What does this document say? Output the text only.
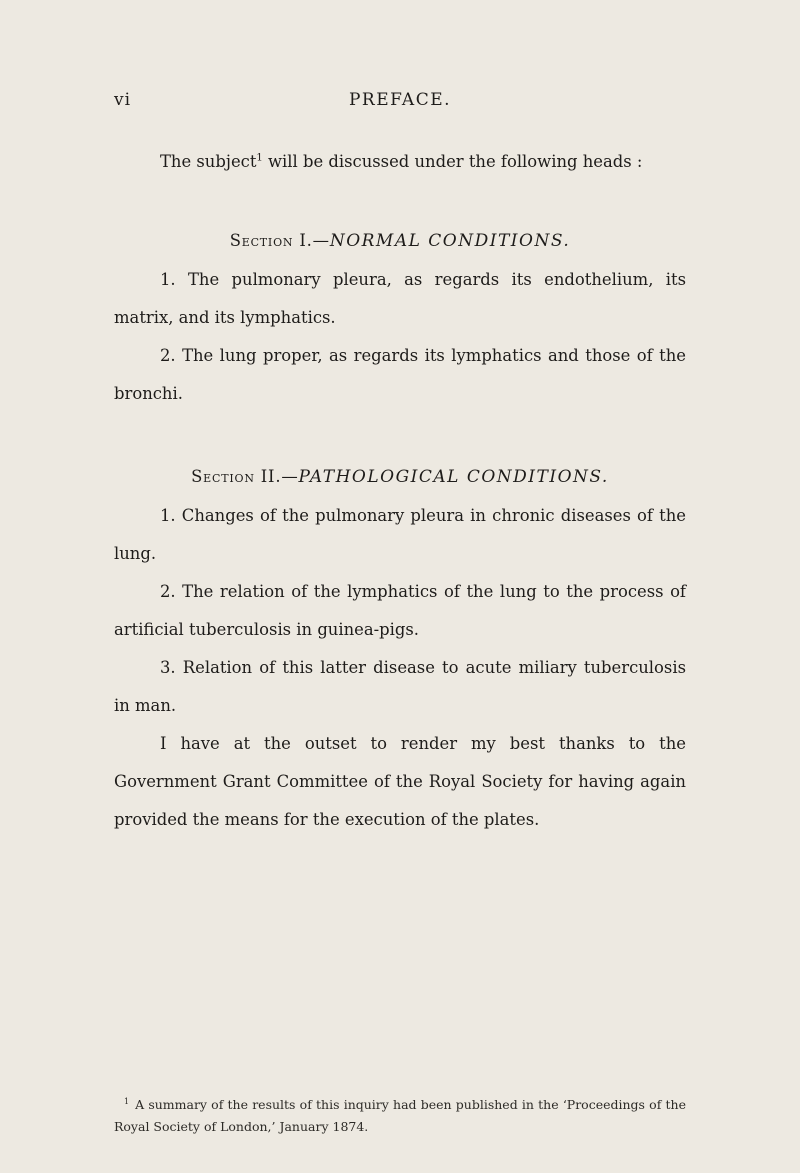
vi	PREFACE.

The subject$^1$ will be discussed under the following heads :

Section I.—NORMAL CONDITIONS.

1. The pulmonary pleura, as regards its endothelium, its matrix, and its lymphatics.

2. The lung proper, as regards its lymphatics and those of the bronchi.

Section II.—PATHOLOGICAL CONDITIONS.

1. Changes of the pulmonary pleura in chronic diseases of the lung.

2. The relation of the lymphatics of the lung to the process of artificial tuberculosis in guinea-pigs.

3. Relation of this latter disease to acute miliary tuberculosis in man.

I have at the outset to render my best thanks to the Government Grant Committee of the Royal Society for having again provided the means for the execution of the plates.

$^1$ A summary of the results of this inquiry had been published in the ‘Proceedings of the Royal Society of London,’ January 1874.
